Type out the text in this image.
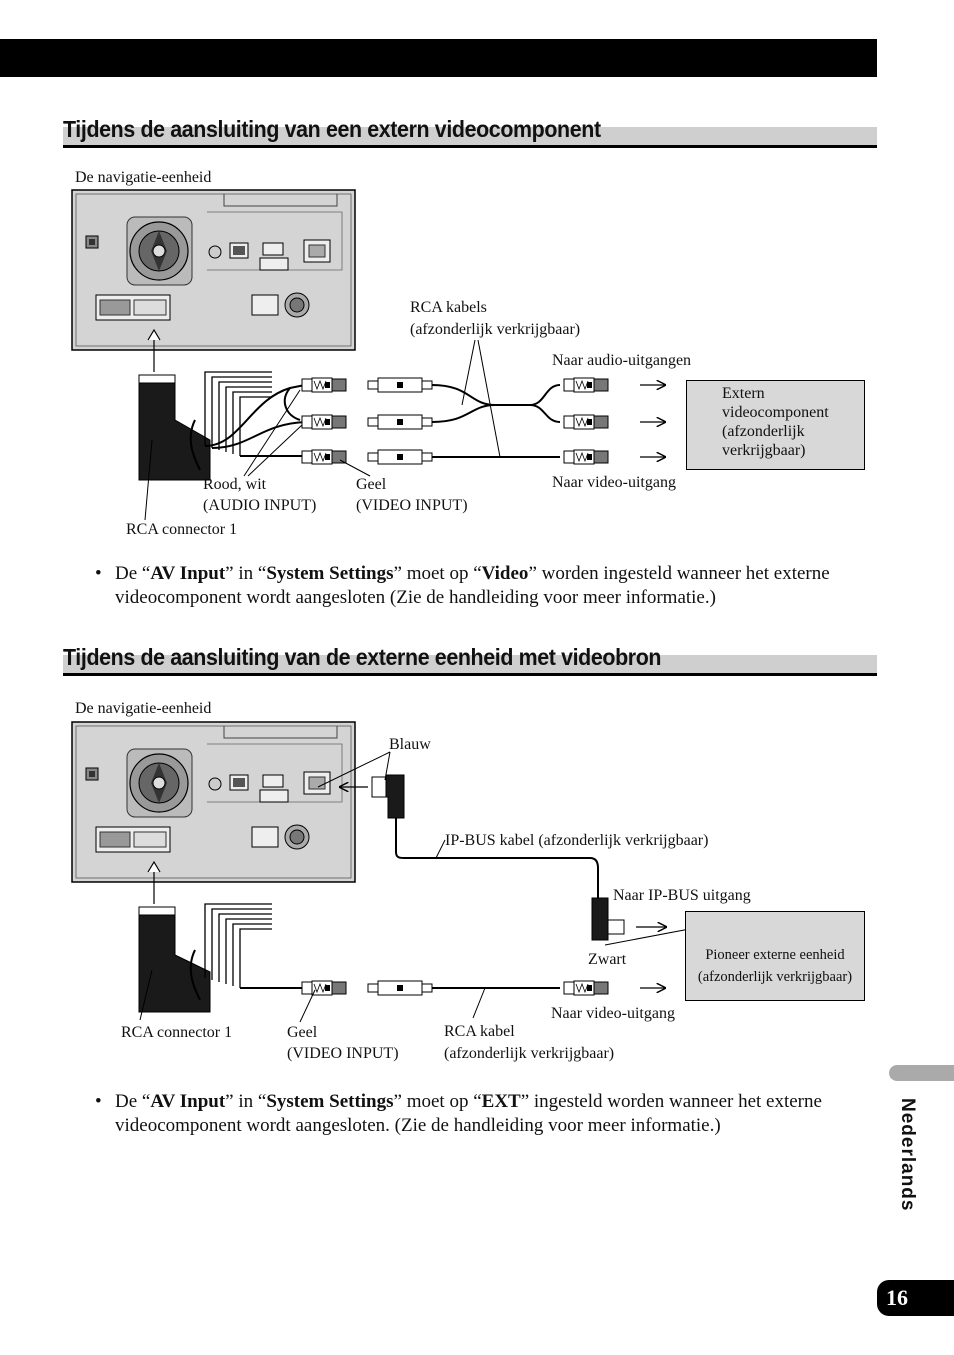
Tijdens de aansluiting van een extern videocomponent
Tijdens de aansluiting van de externe eenheid met videobron
De navigatie-eenheid
RCA kabels
(afzonderlijk verkrijgbaar)
Naar audio-uitgangen
Extern
videocomponent
(afzonderlijk
verkrijgbaar)
Naar video-uitgang
Rood, wit
(AUDIO INPUT)
Geel
(VIDEO INPUT)
RCA connector 1
• De “AV Input” in “System Settings” moet op “Video” worden ingesteld wanneer het externe videocomponent wordt aangesloten (Zie de handleiding voor meer informatie.)
De navigatie-eenheid
Blauw
IP-BUS kabel (afzonderlijk verkrijgbaar)
Naar IP-BUS uitgang
Zwart	Pioneer externe eenheid
(afzonderlijk verkrijgbaar)
Naar video-uitgang
RCA connector 1	Geel
(VIDEO INPUT)
RCA kabel
(afzonderlijk verkrijgbaar)
• De “AV Input” in “System Settings” moet op “EXT” ingesteld worden wanneer het externe videocomponent wordt aangesloten. (Zie de handleiding voor meer informatie.)	Nederlands
16
